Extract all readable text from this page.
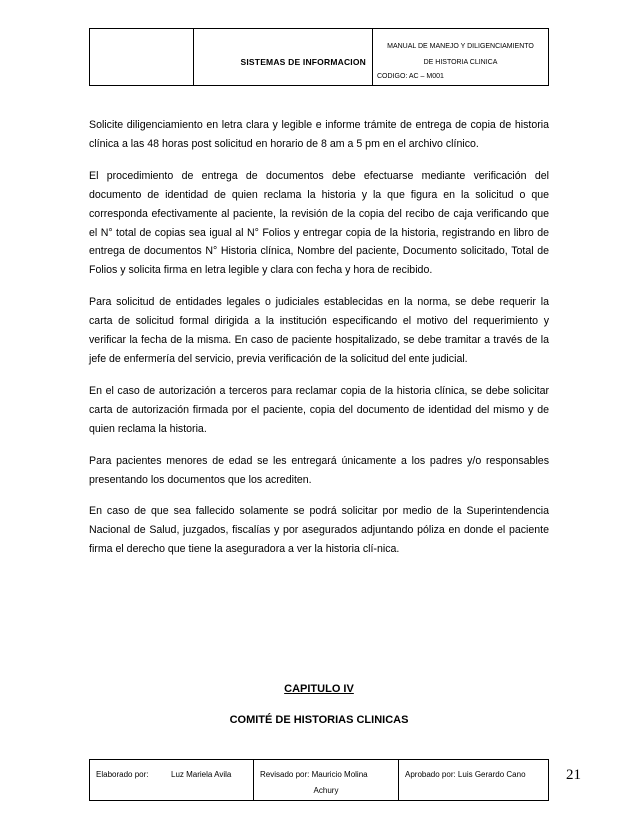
SISTEMAS DE INFORMACION
MANUAL DE MANEJO Y DILIGENCIAMIENTO
DE HISTORIA CLINICA
CODIGO: AC – M001

Solicite diligenciamiento en letra clara y legible e informe trámite de entrega de copia de historia clínica a las 48 horas post solicitud en horario de 8 am a 5 pm en el archivo clínico.

El procedimiento de entrega de documentos debe efectuarse mediante verificación del documento de identidad de quien reclama la historia y la que figura en la solicitud o que corresponda efectivamente al paciente, la revisión de la copia del recibo de caja verificando que el N° total de copias sea igual al N° Folios y entregar copia de la historia, registrando en libro de entrega de documentos N° Historia clínica, Nombre del paciente, Documento solicitado, Total de Folios y solicita firma en letra legible y clara con fecha y hora de recibido.

Para solicitud de entidades legales o judiciales establecidas en la norma, se debe requerir la carta de solicitud formal dirigida a la institución especificando el motivo del requerimiento y verificar la fecha de la misma. En caso de paciente hospitalizado, se debe tramitar a través de la jefe de enfermería del servicio, previa verificación de la solicitud del ente judicial.

En el caso de autorización a terceros para reclamar copia de la historia clínica, se debe solicitar carta de autorización firmada por el paciente, copia del documento de identidad del mismo y de quien reclama la historia.

Para pacientes menores de edad se les entregará únicamente a los padres y/o responsables presentando los documentos que los acrediten.

En caso de que sea fallecido solamente se podrá solicitar por medio de la Superintendencia Nacional de Salud, juzgados, fiscalías y por asegurados adjuntando póliza en donde el paciente firma el derecho que tiene la aseguradora a ver la historia clí-nica.

CAPITULO IV
COMITÉ DE HISTORIAS CLINICAS
Elaborado por:	Luz Mariela Avila	Revisado por: Mauricio Molina
Achury
Aprobado por: Luis Gerardo Cano	21
